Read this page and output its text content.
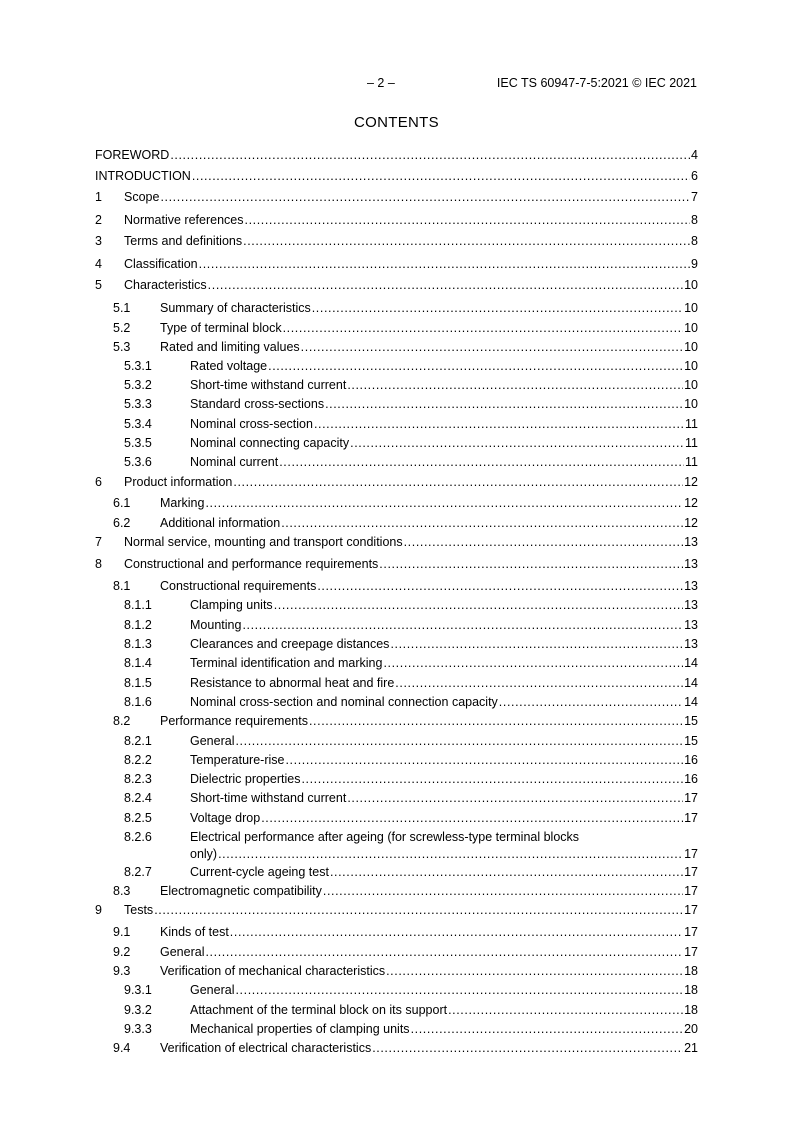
– 2 –	IEC TS 60947-7-5:2021 © IEC 2021
CONTENTS
FOREWORD .....	4
INTRODUCTION .....	6
1 Scope .....	7
2 Normative references .....	8
3 Terms and definitions .....	8
4 Classification .....	9
5 Characteristics .....	10
5.1 Summary of characteristics .....	10
5.2 Type of terminal block .....	10
5.3 Rated and limiting values .....	10
5.3.1	Rated voltage .....	10
5.3.2	Short-time withstand current .....	10
5.3.3	Standard cross-sections .....	10
5.3.4	Nominal cross-section .....	11
5.3.5	Nominal connecting capacity .....	11
5.3.6	Nominal current .....	11
6 Product information .....	12
6.1 Marking .....	12
6.2 Additional information .....	12
7 Normal service, mounting and transport conditions .....	13
8 Constructional and performance requirements .....	13
8.1 Constructional requirements .....	13
8.1.1	Clamping units .....	13
8.1.2	Mounting .....	13
8.1.3	Clearances and creepage distances .....	13
8.1.4	Terminal identification and marking .....	14
8.1.5	Resistance to abnormal heat and fire .....	14
8.1.6	Nominal cross-section and nominal connection capacity .....	14
8.2 Performance requirements .....	15
8.2.1	General .....	15
8.2.2	Temperature-rise .....	16
8.2.3	Dielectric properties .....	16
8.2.4	Short-time withstand current .....	17
8.2.5	Voltage drop .....	17
8.2.6	Electrical performance after ageing (for screwless-type terminal blocks
only) .....	17
8.2.7	Current-cycle ageing test .....	17
8.3 Electromagnetic compatibility .....	17
9 Tests .....	17
9.1 Kinds of test .....	17
9.2 General .....	17
9.3 Verification of mechanical characteristics .....	18
9.3.1	General .....	18
9.3.2	Attachment of the terminal block on its support .....	18
9.3.3	Mechanical properties of clamping units .....	20
9.4 Verification of electrical characteristics .....	21
